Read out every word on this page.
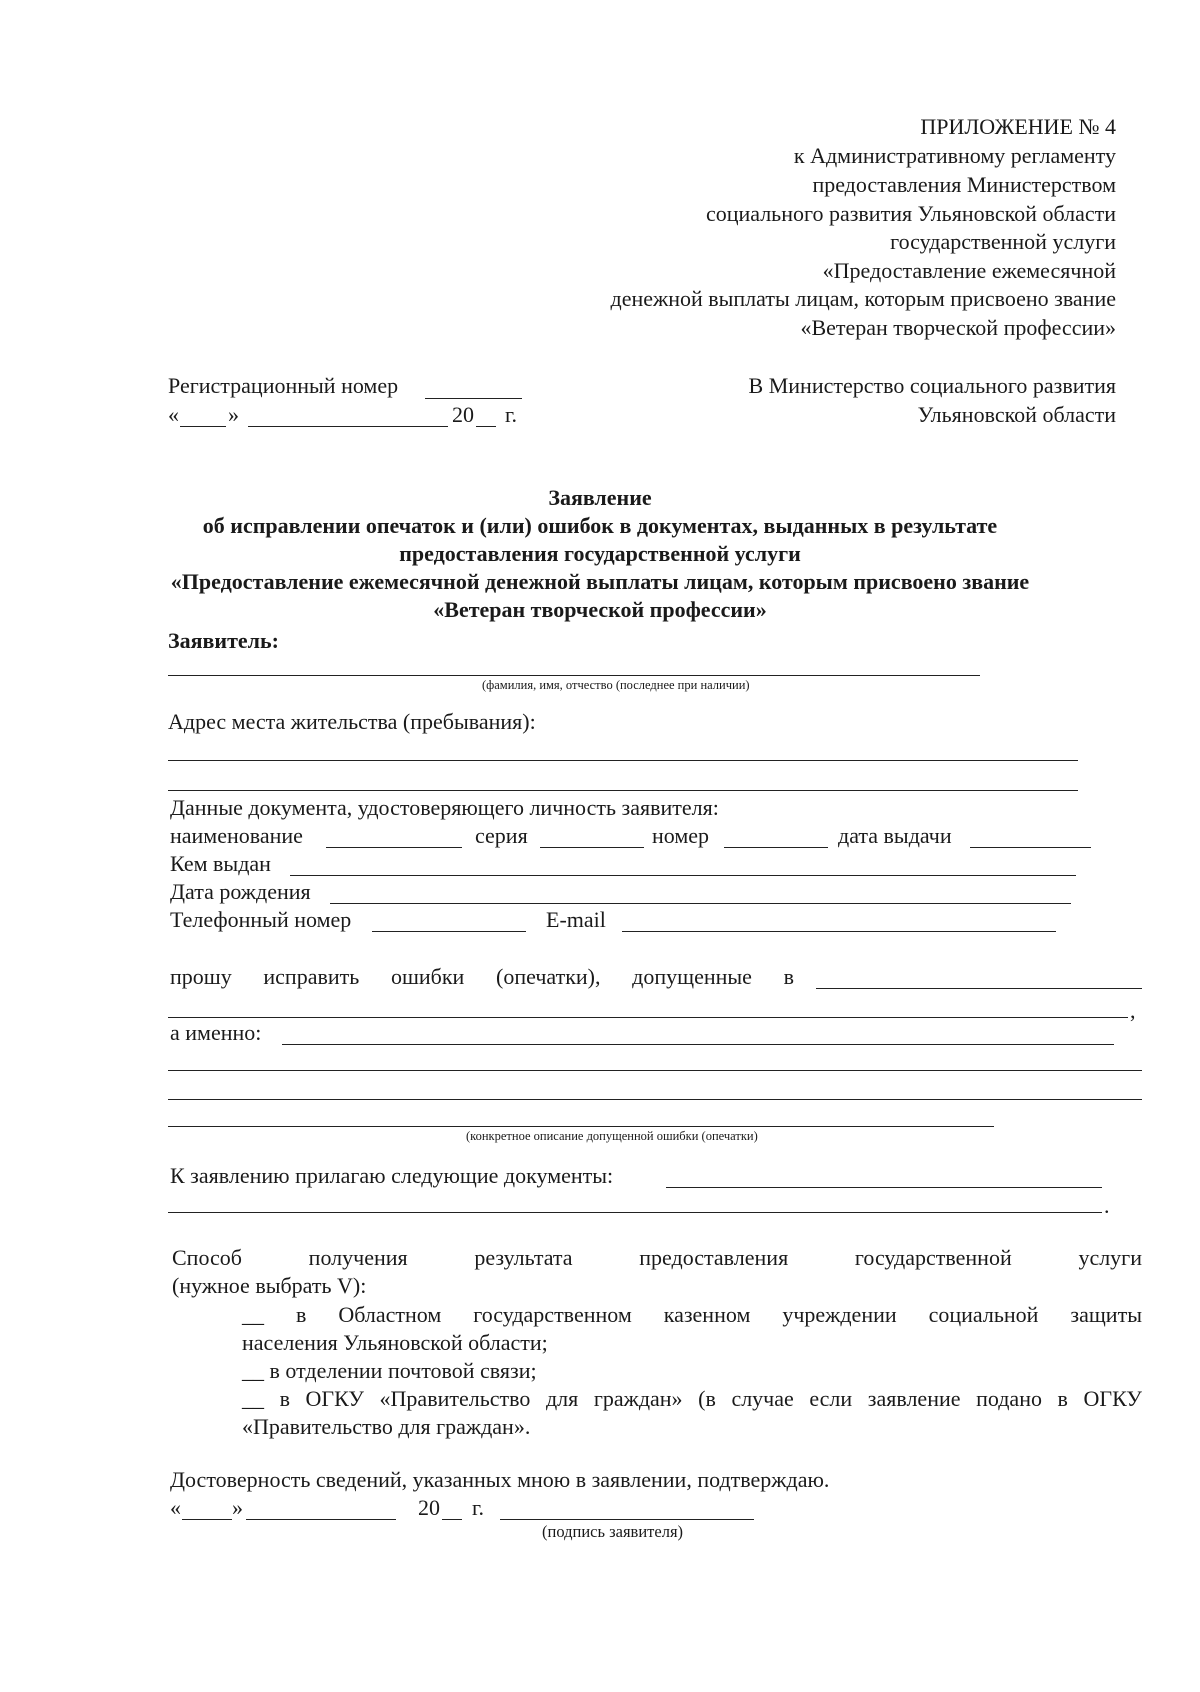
ПРИЛОЖЕНИЕ № 4
к Административному регламенту
предоставления Министерством
социального развития Ульяновской области
государственной услуги
«Предоставление ежемесячной
денежной выплаты лицам, которым присвоено звание
«Ветеран творческой профессии»
Регистрационный номер
« »	20 г.
В Министерство социального развития
Ульяновской области
Заявление
об исправлении опечаток и (или) ошибок в документах, выданных в результате
предоставления государственной услуги
«Предоставление ежемесячной денежной выплаты лицам, которым присвоено звание
«Ветеран творческой профессии»
Заявитель:
(фамилия, имя, отчество (последнее при наличии)
Адрес места жительства (пребывания):
Данные документа, удостоверяющего личность заявителя:
наименование	серия	номер	дата выдачи
Кем выдан
Дата рождения
Телефонный номер	E-mail
прошу исправить ошибки (опечатки), допущенные в
,
а именно:
(конкретное описание допущенной ошибки (опечатки)
К заявлению прилагаю следующие документы:
.
Способ	получения	результата	предоставления	государственной	услуги
(нужное выбрать V):
__ в Областном государственном казенном учреждении социальной защиты
населения Ульяновской области;
__ в отделении почтовой связи;
__ в ОГКУ «Правительство для граждан» (в случае если заявление подано в ОГКУ
«Правительство для граждан».
Достоверность сведений, указанных мною в заявлении, подтверждаю.
« »	20 г.
(подпись заявителя)
